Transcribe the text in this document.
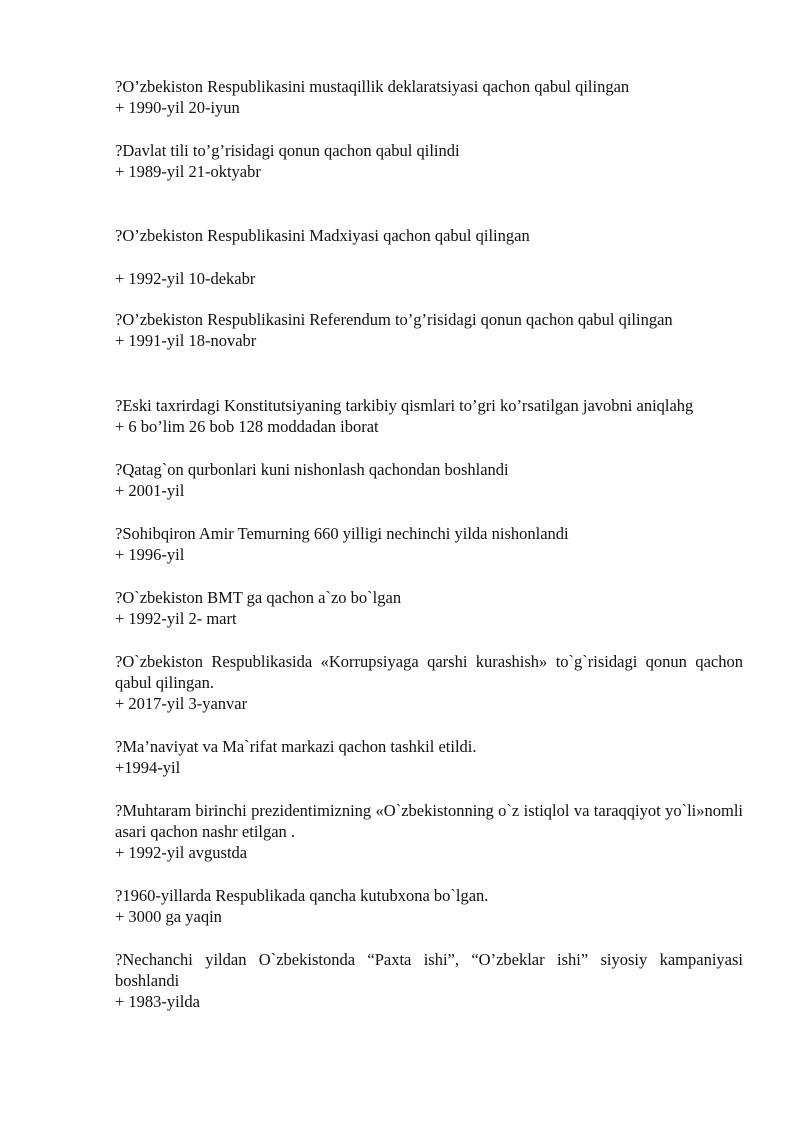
?O’zbekiston Respublikasini mustaqillik deklaratsiyasi qachon qabul qilingan

+ 1990-yil 20-iyun

?Davlat tili to’g’risidagi qonun qachon qabul qilindi

+ 1989-yil 21-oktyabr

?O’zbekiston Respublikasini Madxiyasi qachon qabul qilingan

+ 1992-yil 10-dekabr

?O’zbekiston Respublikasini Referendum to’g’risidagi qonun qachon qabul qilingan

+ 1991-yil 18-novabr

?Eski taxrirdagi Konstitutsiyaning tarkibiy qismlari to’gri ko’rsatilgan javobni aniqlahg

+ 6 bo’lim 26 bob 128 moddadan iborat

?Qatag`on qurbonlari kuni nishonlash qachondan boshlandi

+ 2001-yil

?Sohibqiron Amir Temurning 660 yilligi nechinchi yilda nishonlandi

+ 1996-yil

?O`zbekiston BMT ga qachon a`zo bo`lgan

+ 1992-yil 2- mart

?O`zbekiston Respublikasida «Korrupsiyaga qarshi kurashish» to`g`risidagi qonun qachon qabul qilingan.

+ 2017-yil 3-yanvar

?Ma’naviyat va Ma`rifat markazi qachon tashkil etildi.

+1994-yil

?Muhtaram birinchi prezidentimizning «O`zbekistonning o`z istiqlol va taraqqiyot yo`li»nomli asari qachon nashr etilgan .

+ 1992-yil avgustda

?1960-yillarda Respublikada qancha kutubxona bo`lgan.

+ 3000 ga yaqin

?Nechanchi yildan O`zbekistonda “Paxta ishi”, “O’zbeklar ishi” siyosiy kampaniyasi boshlandi

+ 1983-yilda
